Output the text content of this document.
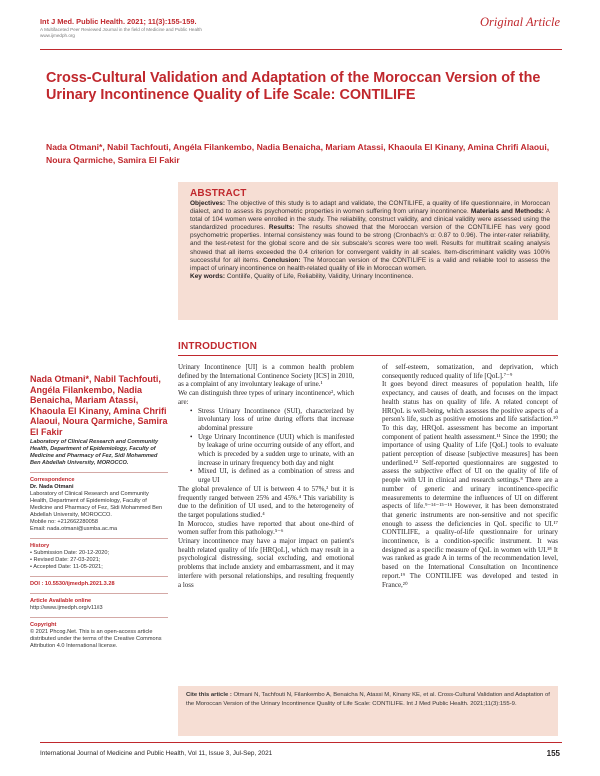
Int J Med. Public Health. 2021; 11(3):155-159.
A Multifaceted Peer Reviewed Journal in the field of Medicine and Public Health
www.ijmedph.org
Original Article
Cross-Cultural Validation and Adaptation of the Moroccan Version of the Urinary Incontinence Quality of Life Scale: CONTILIFE
Nada Otmani*, Nabil Tachfouti, Angéla Filankembo, Nadia Benaicha, Mariam Atassi, Khaoula El Kinany, Amina Chrifi Alaoui, Noura Qarmiche, Samira El Fakir
ABSTRACT
Objectives: The objective of this study is to adapt and validate, the CONTILIFE, a quality of life questionnaire, in Moroccan dialect, and to assess its psychometric properties in women suffering from urinary incontinence. Materials and Methods: A total of 104 women were enrolled in the study. The reliability, construct validity, and clinical validity were assessed using the standardized procedures. Results: The results showed that the Moroccan version of the CONTILIFE has very good psychometric properties. Internal consistency was found to be strong (Cronbach's α: 0.87 to 0.96). The inter-rater reliability, and the test-retest for the global score and de six subscale's scores were too well. Results for multitrait scaling analysis showed that all items exceeded the 0.4 criterion for convergent validity in all scales. Item-discriminant validity was 100% successful for all items. Conclusion: The Moroccan version of the CONTILIFE is a valid and reliable tool to assess the impact of urinary incontinence on health-related quality of life in Moroccan women.
Key words: Contilife, Quality of Life, Reliability, Validity, Urinary Incontinence.
INTRODUCTION
Nada Otmani*, Nabil Tachfouti, Angéla Filankembo, Nadia Benaicha, Mariam Atassi, Khaoula El Kinany, Amina Chrifi Alaoui, Noura Qarmiche, Samira El Fakir
Laboratory of Clinical Research and Community Health, Department of Epidemiology, Faculty of Medicine and Pharmacy of Fez, Sidi Mohammed Ben Abdellah University, MOROCCO.
Correspondence
Dr. Nada Otmani
Laboratory of Clinical Research and Community Health, Department of Epidemiology, Faculty of Medicine and Pharmacy of Fez, Sidi Mohammed Ben Abdellah University, MOROCCO.
Mobile no: +212662280058
Email: nada.otmani@usmba.ac.ma
History
• Submission Date: 20-12-2020;
• Revised Date: 27-03-2021;
• Accepted Date: 11-05-2021;
DOI : 10.5530/ijmedph.2021.3.28
Article Available online
http://www.ijmedph.org/v11/i3
Copyright
© 2021 Phcog.Net. This is an open-access article distributed under the terms of the Creative Commons Attribution 4.0 International license.

Urinary Incontinence [UI] is a common health problem defined by the International Continence Society [ICS] in 2010, as a complaint of any involuntary leakage of urine.¹

We can distinguish three types of urinary incontinence², which are:

• Stress Urinary Incontinence (SUI), characterized by involuntary loss of urine during efforts that increase abdominal pressure
• Urge Urinary Incontinence (UUI) which is manifested by leakage of urine occurring outside of any effort, and which is preceded by a sudden urge to urinate, with an increase in urinary frequency both day and night
• Mixed UI, is defined as a combination of stress and urge UI

The global prevalence of UI is between 4 to 57%,³ but it is frequently ranged between 25% and 45%.⁴ This variability is due to the definition of UI used, and to the heterogeneity of the target populations studied.⁴

In Morocco, studies have reported that about one-third of women suffer from this pathology.⁵⁻⁶

Urinary incontinence may have a major impact on patient's health related quality of life [HRQoL], which may result in a psychological distressing, social excluding, and emotional problems that include anxiety and embarrassment, and it may interfere with personal relationships, and resulting frequently a loss

of self-esteem, somatization, and deprivation, which consequently reduced quality of life [QoL].⁷⁻⁹

It goes beyond direct measures of population health, life expectancy, and causes of death, and focuses on the impact health status has on quality of life. A related concept of HRQoL is well-being, which assesses the positive aspects of a person's life, such as positive emotions and life satisfaction.¹⁰ To this day, HRQoL assessment has become an important component of patient health assessment.¹¹ Since the 1990; the importance of using Quality of Life [QoL] tools to evaluate patient perception of disease [subjective measures] has been underlined.¹² Self-reported questionnaires are suggested to assess the subjective effect of UI on the quality of life of people with UI in clinical and research settings.⁸ There are a number of generic and urinary incontinence-specific measurements to determine the influences of UI on different aspects of life.⁹⁻¹⁴⁻¹⁵⁻¹⁶ However, it has been demonstrated that generic instruments are non-sensitive and not specific enough to assess the deficiencies in QoL specific to UI.¹⁷ CONTILIFE, a quality-of-life questionnaire for urinary incontinence, is a condition-specific instrument. It was designed as a specific measure of QoL in women with UI.¹⁸ It was ranked as grade A in terms of the recommendation level, based on the International Consultation on Incontinence report.¹⁹ The CONTILIFE was developed and tested in France,²⁰

Cite this article : Otmani N, Tachfouti N, Filankembo A, Benaicha N, Atassi M, Kinany KE, et al. Cross-Cultural Validation and Adaptation of the Moroccan Version of the Urinary Incontinence Quality of Life Scale: CONTILIFE. Int J Med Public Health. 2021;11(3):155-9.
International Journal of Medicine and Public Health, Vol 11, Issue 3, Jul-Sep, 2021	155
